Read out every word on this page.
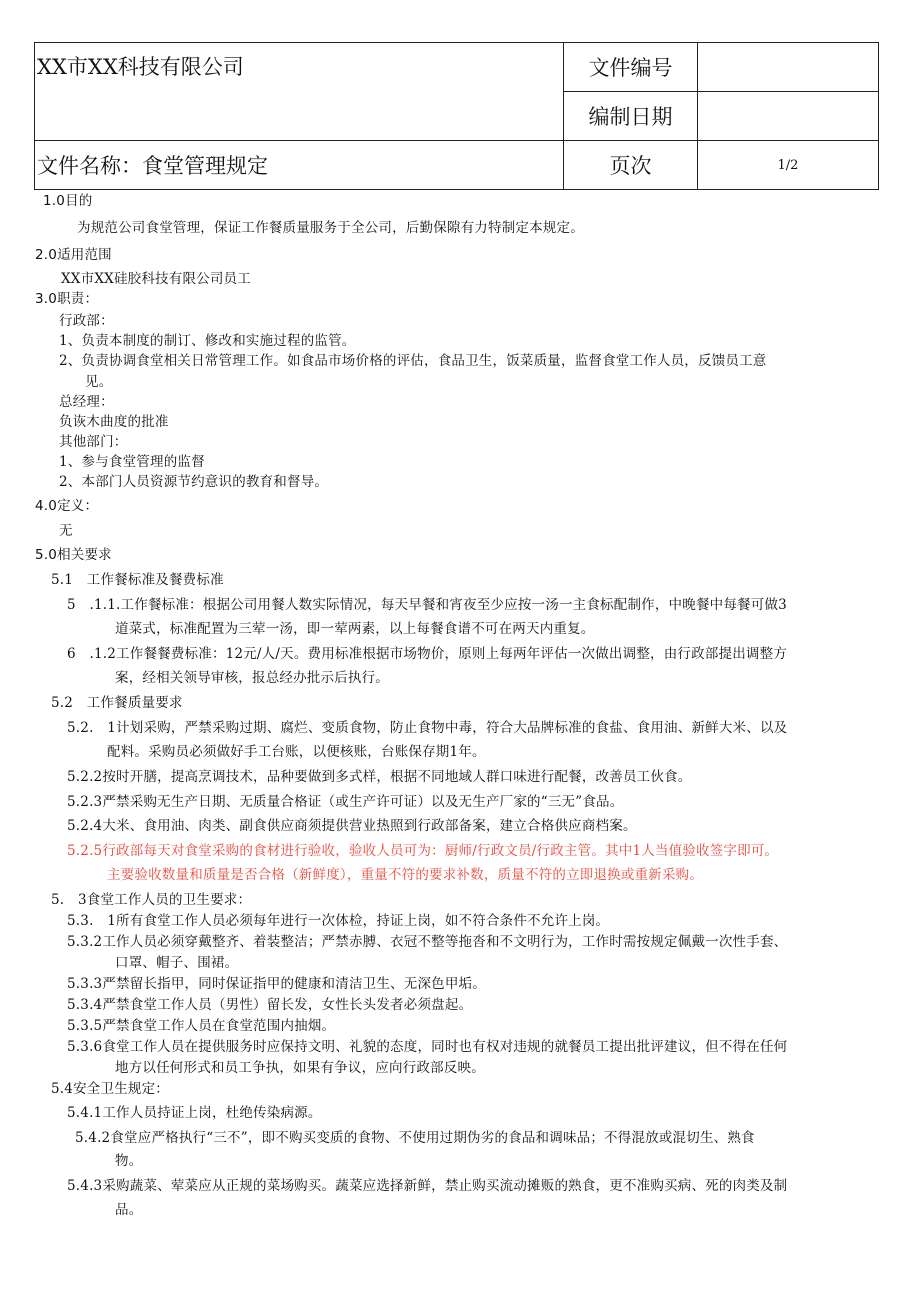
XX市XX科技有限公司	文件编号	
	编制日期	
文件名称：食堂管理规定	页次	1/2
1.0目的
为规范公司食堂管理，保证工作餐质量服务于全公司，后勤保隙有力特制定本规定。
2.0适用范围
XX市XX硅胶科技有限公司员工
3.0职责：
行政部：
1、负责本制度的制订、修改和实施过程的监管。
2、负责协调食堂相关日常管理工作。如食品市场价格的评估，食品卫生，饭菜质量，监督食堂工作人员，反馈员工意
见。
总经理：
负诙木曲度的批准
其他部门：
1、参与食堂管理的监督
2、本部门人员资源节约意识的教育和督导。
4.0定义：
无
5.0相关要求
5.1　工作餐标准及餐费标准
5　.1.1.工作餐标准：根据公司用餐人数实际情况，每天早餐和宵夜至少应按一汤一主食标配制作，中晚餐中每餐可做3
道菜式，标准配置为三荤一汤，即一荤两素，以上每餐食谱不可在两天内重复。
6　.1.2工作餐餐费标准：12元/人/天。费用标准根据市场物价，原则上每两年评估一次做出调整，由行政部提出调整方
案，经相关领导审核，报总经办批示后执行。
5.2　工作餐质量要求
5.2.　1计划采购，严禁采购过期、腐烂、变质食物，防止食物中毒，符合大品牌标准的食盐、食用油、新鲜大米、以及
配料。采购员必须做好手工台账，以便核账，台账保存期1年。
5.2.2按时开膳，提高烹调技术，品种要做到多式样，根据不同地域人群口味进行配餐，改善员工伙食。
5.2.3严禁采购无生产日期、无质量合格证（或生产许可证）以及无生产厂家的“三无”食品。
5.2.4大米、食用油、肉类、副食供应商须提供营业热照到行政部备案，建立合格供应商档案。
5.2.5行政部每天对食堂采购的食材进行验收，验收人员可为：厨师/行政文员/行政主管。其中1人当值验收签字即可。
主要验收数量和质量是否合格（新鲜度），重量不符的要求补数，质量不符的立即退换或重新采购。
5.　3食堂工作人员的卫生要求：
5.3.　1所有食堂工作人员必须每年进行一次体检，持证上岗，如不符合条件不允许上岗。
5.3.2工作人员必须穿戴整齐、着装整洁；严禁赤膊、衣冠不整等拖沓和不文明行为，工作时需按规定佩戴一次性手套、
口罩、帽子、围裙。
5.3.3严禁留长指甲，同时保证指甲的健康和清洁卫生、无深色甲垢。
5.3.4严禁食堂工作人员（男性）留长发，女性长头发者必须盘起。
5.3.5严禁食堂工作人员在食堂范围内抽烟。
5.3.6食堂工作人员在提供服务时应保持文明、礼貌的态度，同时也有权对违规的就餐员工提出批评建议，但不得在任何
地方以任何形式和员工争执，如果有争议，应向行政部反映。
5.4安全卫生规定：
5.4.1工作人员持证上岗，杜绝传染病源。
5.4.2食堂应严格执行“三不”，即不购买变质的食物、不使用过期伪劣的食品和调味品；不得混放或混切生、熟食
物。
5.4.3采购蔬菜、荤菜应从正规的菜场购买。蔬菜应选择新鲜，禁止购买流动摊贩的熟食，更不准购买病、死的肉类及制
品。
